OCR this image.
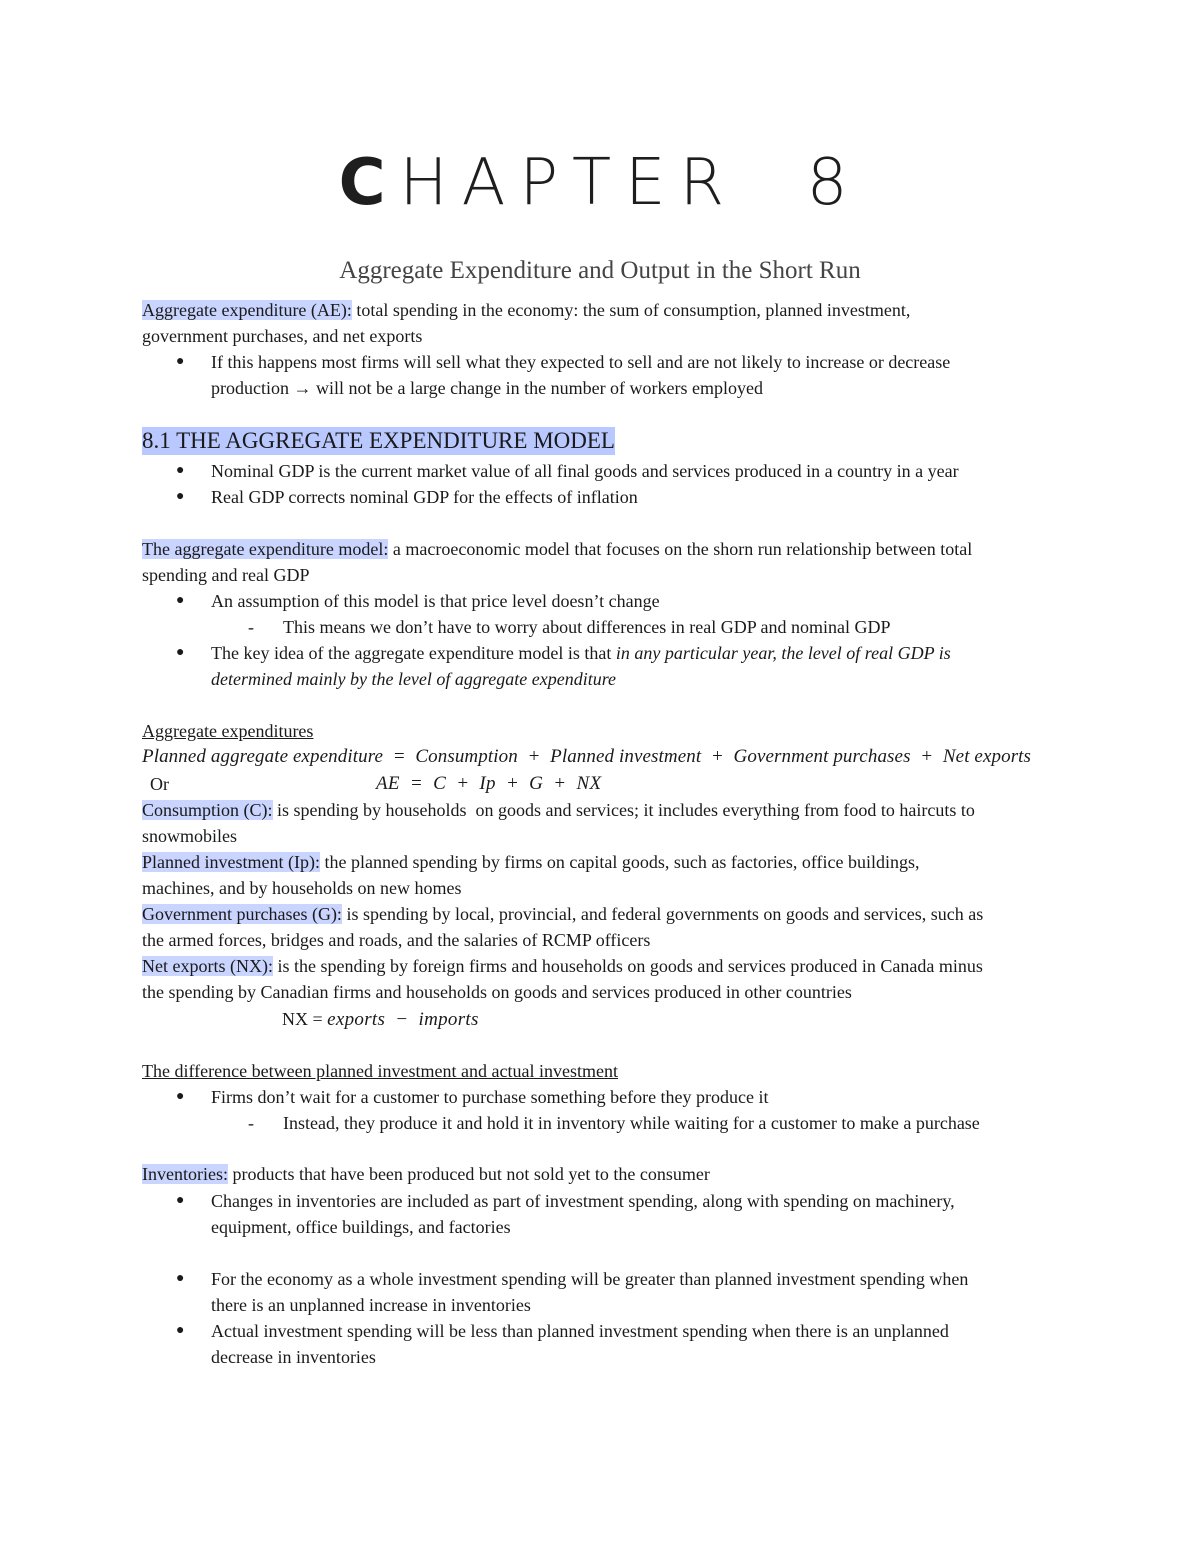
CHAPTER  8
Aggregate Expenditure and Output in the Short Run
Aggregate expenditure (AE): total spending in the economy: the sum of consumption, planned investment,
government purchases, and net exports
● If this happens most firms will sell what they expected to sell and are not likely to increase or decrease
production → will not be a large change in the number of workers employed
8.1 THE AGGREGATE EXPENDITURE MODEL
● Nominal GDP is the current market value of all final goods and services produced in a country in a year
● Real GDP corrects nominal GDP for the effects of inflation
The aggregate expenditure model: a macroeconomic model that focuses on the shorn run relationship between total
spending and real GDP
● An assumption of this model is that price level doesn’t change
- This means we don’t have to worry about differences in real GDP and nominal GDP
● The key idea of the aggregate expenditure model is that in any particular year, the level of real GDP is
determined mainly by the level of aggregate expenditure
Aggregate expenditures
Planned aggregate expenditure  =  Consumption  +  Planned investment  +  Government purchases  +  Net exports
Or	AE  =  C  +  Ip  +  G  +  NX
Consumption (C): is spending by households  on goods and services; it includes everything from food to haircuts to
snowmobiles
Planned investment (Ip): the planned spending by firms on capital goods, such as factories, office buildings,
machines, and by households on new homes
Government purchases (G): is spending by local, provincial, and federal governments on goods and services, such as
the armed forces, bridges and roads, and the salaries of RCMP officers
Net exports (NX): is the spending by foreign firms and households on goods and services produced in Canada minus
the spending by Canadian firms and households on goods and services produced in other countries
NX = exports  −  imports
The difference between planned investment and actual investment
● Firms don’t wait for a customer to purchase something before they produce it
- Instead, they produce it and hold it in inventory while waiting for a customer to make a purchase
Inventories: products that have been produced but not sold yet to the consumer
● Changes in inventories are included as part of investment spending, along with spending on machinery,
equipment, office buildings, and factories
● For the economy as a whole investment spending will be greater than planned investment spending when
there is an unplanned increase in inventories
● Actual investment spending will be less than planned investment spending when there is an unplanned
decrease in inventories
